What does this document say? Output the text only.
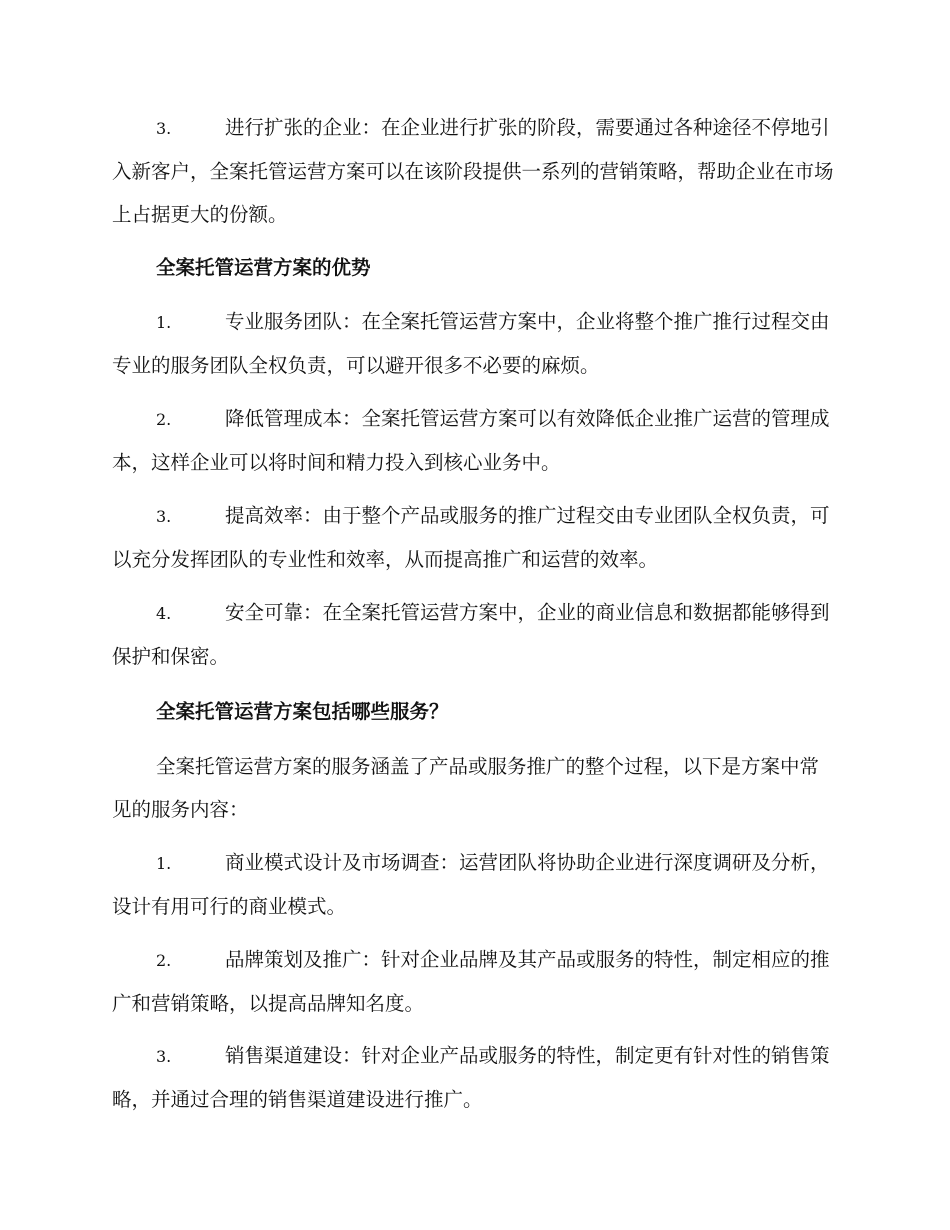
3.	进行扩张的企业：在企业进行扩张的阶段，需要通过各种途径不停地引入新客户，全案托管运营方案可以在该阶段提供一系列的营销策略，帮助企业在市场上占据更大的份额。

全案托管运营方案的优势

1.	专业服务团队：在全案托管运营方案中，企业将整个推广推行过程交由专业的服务团队全权负责，可以避开很多不必要的麻烦。

2.	降低管理成本：全案托管运营方案可以有效降低企业推广运营的管理成本，这样企业可以将时间和精力投入到核心业务中。

3.	提高效率：由于整个产品或服务的推广过程交由专业团队全权负责，可以充分发挥团队的专业性和效率，从而提高推广和运营的效率。

4.	安全可靠：在全案托管运营方案中，企业的商业信息和数据都能够得到保护和保密。

全案托管运营方案包括哪些服务？

全案托管运营方案的服务涵盖了产品或服务推广的整个过程，以下是方案中常见的服务内容：

1.	商业模式设计及市场调查：运营团队将协助企业进行深度调研及分析，设计有用可行的商业模式。

2.	品牌策划及推广：针对企业品牌及其产品或服务的特性，制定相应的推广和营销策略，以提高品牌知名度。

3.	销售渠道建设：针对企业产品或服务的特性，制定更有针对性的销售策略，并通过合理的销售渠道建设进行推广。
